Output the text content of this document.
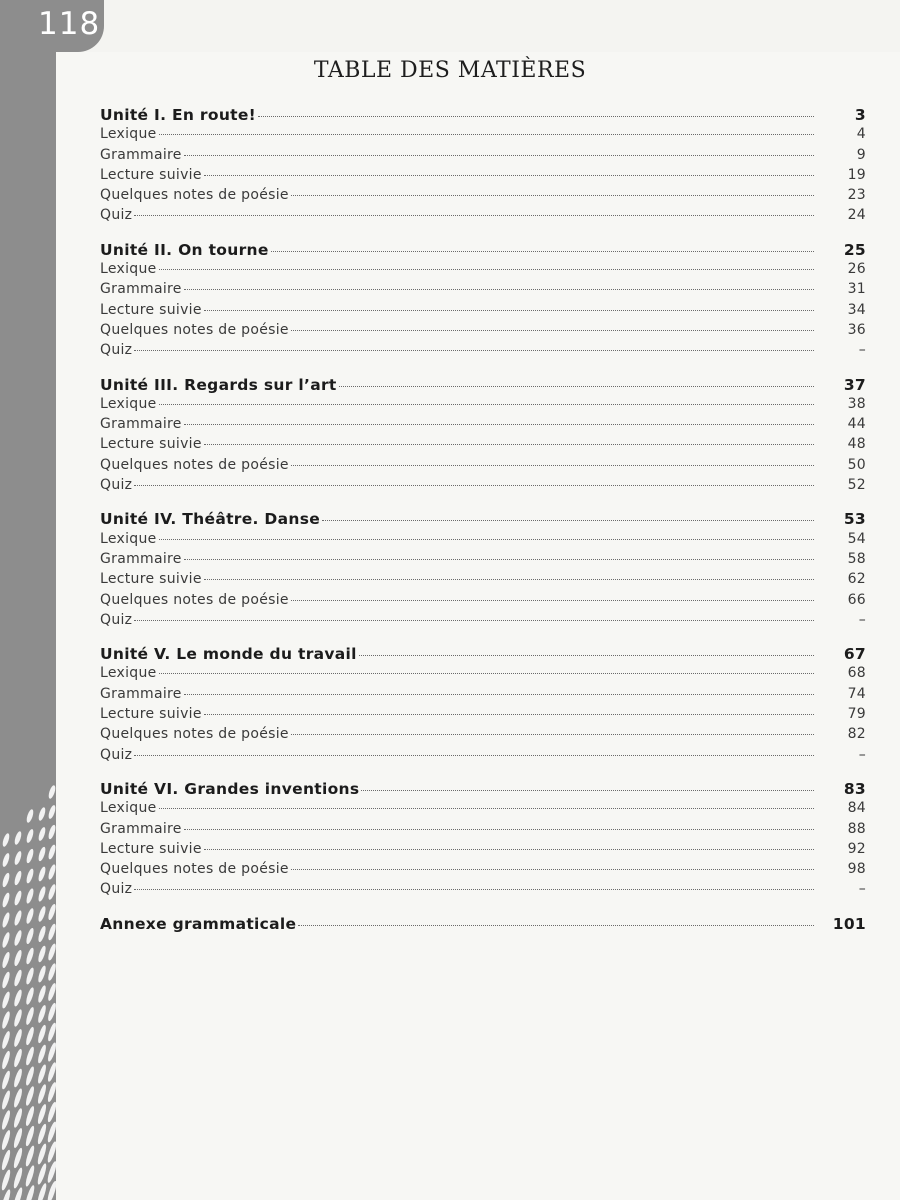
118
TABLE DES MATIÈRES
Unité I. En route!	3
Lexique	4
Grammaire	9
Lecture suivie	19
Quelques notes de poésie	23
Quiz	24
Unité II. On tourne	25
Lexique	26
Grammaire	31
Lecture suivie	34
Quelques notes de poésie	36
Quiz	–
Unité III. Regards sur l’art	37
Lexique	38
Grammaire	44
Lecture suivie	48
Quelques notes de poésie	50
Quiz	52
Unité IV. Théâtre. Danse	53
Lexique	54
Grammaire	58
Lecture suivie	62
Quelques notes de poésie	66
Quiz	–
Unité V. Le monde du travail	67
Lexique	68
Grammaire	74
Lecture suivie	79
Quelques notes de poésie	82
Quiz	–
Unité VI. Grandes inventions	83
Lexique	84
Grammaire	88
Lecture suivie	92
Quelques notes de poésie	98
Quiz	–
Annexe grammaticale	101
